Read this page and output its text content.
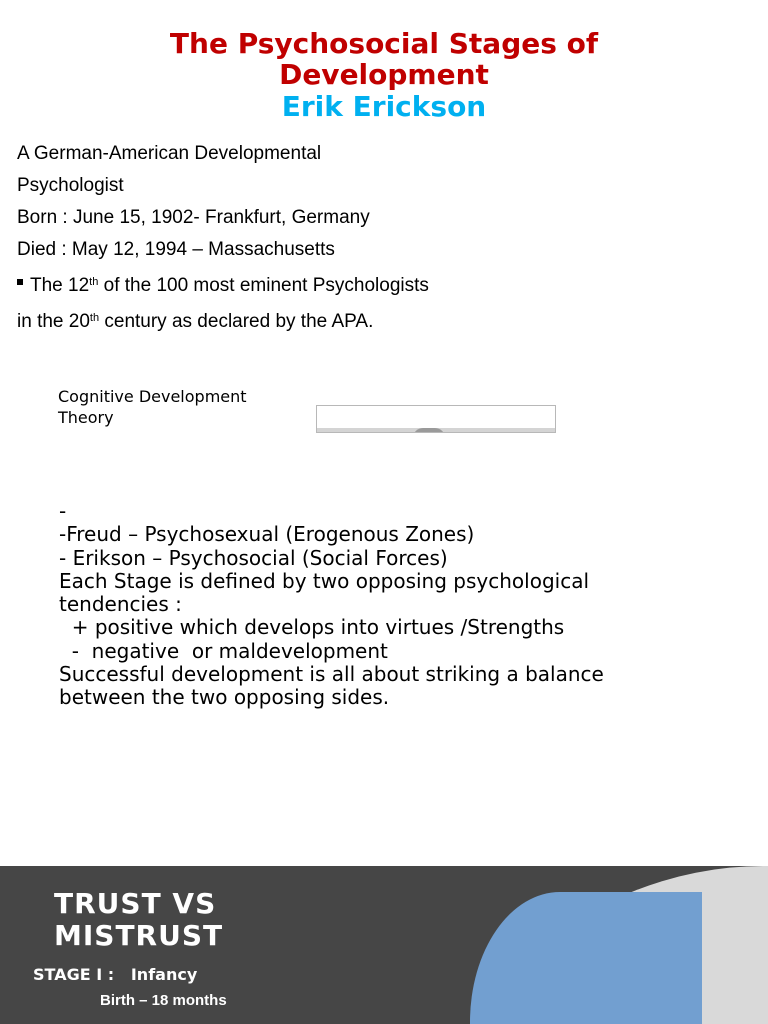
The Psychosocial Stages of
Development
Erik Erickson
A German-American Developmental
Psychologist
Born : June 15, 1902- Frankfurt, Germany
Died : May 12, 1994 – Massachusetts
The 12th of the 100 most eminent Psychologists
in the 20th century as declared by the APA.
Cognitive Development
Theory
-
-Freud – Psychosexual (Erogenous Zones)
- Erikson – Psychosocial (Social Forces)
Each Stage is defined by two opposing psychological
tendencies :
+ positive which develops into virtues /Strengths
-  negative  or maldevelopment
Successful development is all about striking a balance
between the two opposing sides.
TRUST VS
MISTRUST
STAGE I :   Infancy
Birth – 18 months
